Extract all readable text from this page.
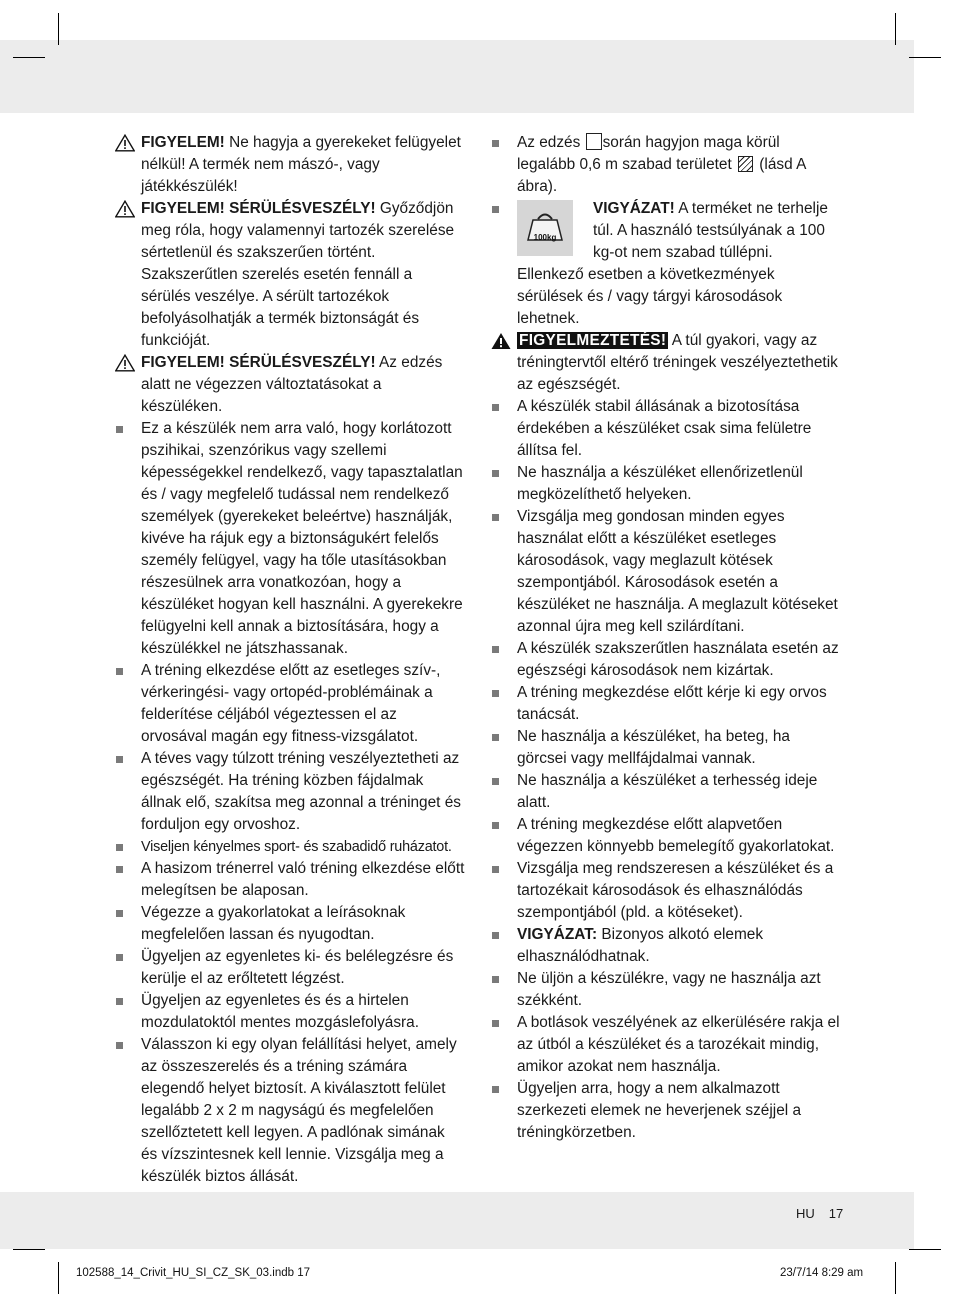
FIGYELEM! Ne hagyja a gyerekeket felügyelet nélkül! A termék nem mászó-, vagy játékkészülék!

FIGYELEM! SÉRÜLÉSVESZÉLY! Győződjön meg róla, hogy valamennyi tartozék szerelése sértetlenül és szakszerűen történt. Szakszerűtlen szerelés esetén fennáll a sérülés veszélye. A sérült tartozékok befolyásolhatják a termék biztonságát és funkcióját.

FIGYELEM! SÉRÜLÉSVESZÉLY! Az edzés alatt ne végezzen változtatásokat a készüléken.

Ez a készülék nem arra való, hogy korlátozott pszihikai, szenzórikus vagy szellemi képességekkel rendelkező, vagy tapasztalatlan és / vagy megfelelő tudással nem rendelkező személyek (gyerekeket beleértve) használják, kivéve ha rájuk egy a biztonságukért felelős személy felügyel, vagy ha tőle utasításokban részesülnek arra vonatkozóan, hogy a készüléket hogyan kell használni. A gyerekekre felügyelni kell annak a biztosítására, hogy a készülékkel ne játszhassanak.

A tréning elkezdése előtt az esetleges szív-, vérkeringési- vagy ortopéd-problémáinak a felderítése céljából végeztessen el az orvosával magán egy fitness-vizsgálatot.

A téves vagy túlzott tréning veszélyeztetheti az egészségét. Ha tréning közben fájdalmak állnak elő, szakítsa meg azonnal a tréninget és forduljon egy orvoshoz.

Viseljen kényelmes sport- és szabadidő ruházatot.

A hasizom trénerrel való tréning elkezdése előtt melegítsen be alaposan.

Végezze a gyakorlatokat a leírásoknak megfelelően lassan és nyugodtan.

Ügyeljen az egyenletes ki- és belélegzésre és kerülje el az erőltetett légzést.

Ügyeljen az egyenletes és és a hirtelen mozdulatoktól mentes mozgáslefolyásra.

Válasszon ki egy olyan felállítási helyet, amely az összeszerelés és a tréning számára elegendő helyet biztosít. A kiválasztott felület legalább 2 x 2 m nagyságú és megfelelően szellőztetett kell legyen. A padlónak simának és vízszintesnek kell lennie. Vizsgálja meg a készülék biztos állását.

Az edzés során hagyjon maga körül legalább 0,6 m szabad területet  (lásd A ábra).

100kg
VIGYÁZAT! A terméket ne terhelje túl. A használó testsúlyának a 100 kg-ot nem szabad túllépni. Ellenkező esetben a következmények sérülések és / vagy tárgyi károsodások lehetnek.

FIGYELMEZTETÉS! A túl gyakori, vagy az tréningtervtől eltérő tréningek veszélyeztethetik az egészségét.

A készülék stabil állásának a bizotosítása érdekében a készüléket csak sima felületre állítsa fel.

Ne használja a készüléket ellenőrizetlenül megközelíthető helyeken.

Vizsgálja meg gondosan minden egyes használat előtt a készüléket esetleges károsodások, vagy meglazult kötések szempontjából. Károsodások esetén a készüléket ne használja. A meglazult kötéseket azonnal újra meg kell szilárdítani.

A készülék szakszerűtlen használata esetén az egészségi károsodások nem kizártak.

A tréning megkezdése előtt kérje ki egy orvos tanácsát.

Ne használja a készüléket, ha beteg, ha görcsei vagy mellfájdalmai vannak.

Ne használja a készüléket a terhesség ideje alatt.

A tréning megkezdése előtt alapvetően végezzen könnyebb bemelegítő gyakorlatokat.

Vizsgálja meg rendszeresen a készüléket és a tartozékait károsodások és elhasználódás szempontjából (pld. a kötéseket).

VIGYÁZAT: Bizonyos alkotó elemek elhasználódhatnak.

Ne üljön a készülékre, vagy ne használja azt székként.

A botlások veszélyének az elkerülésére rakja el az útból a készüléket és a tarozékait mindig, amikor azokat nem használja.

Ügyeljen arra, hogy a nem alkalmazott szerkezeti elemek ne heverjenek széjjel a tréningkörzetben.

HU 17
102588_14_Crivit_HU_SI_CZ_SK_03.indb 17	23/7/14 8:29 am
